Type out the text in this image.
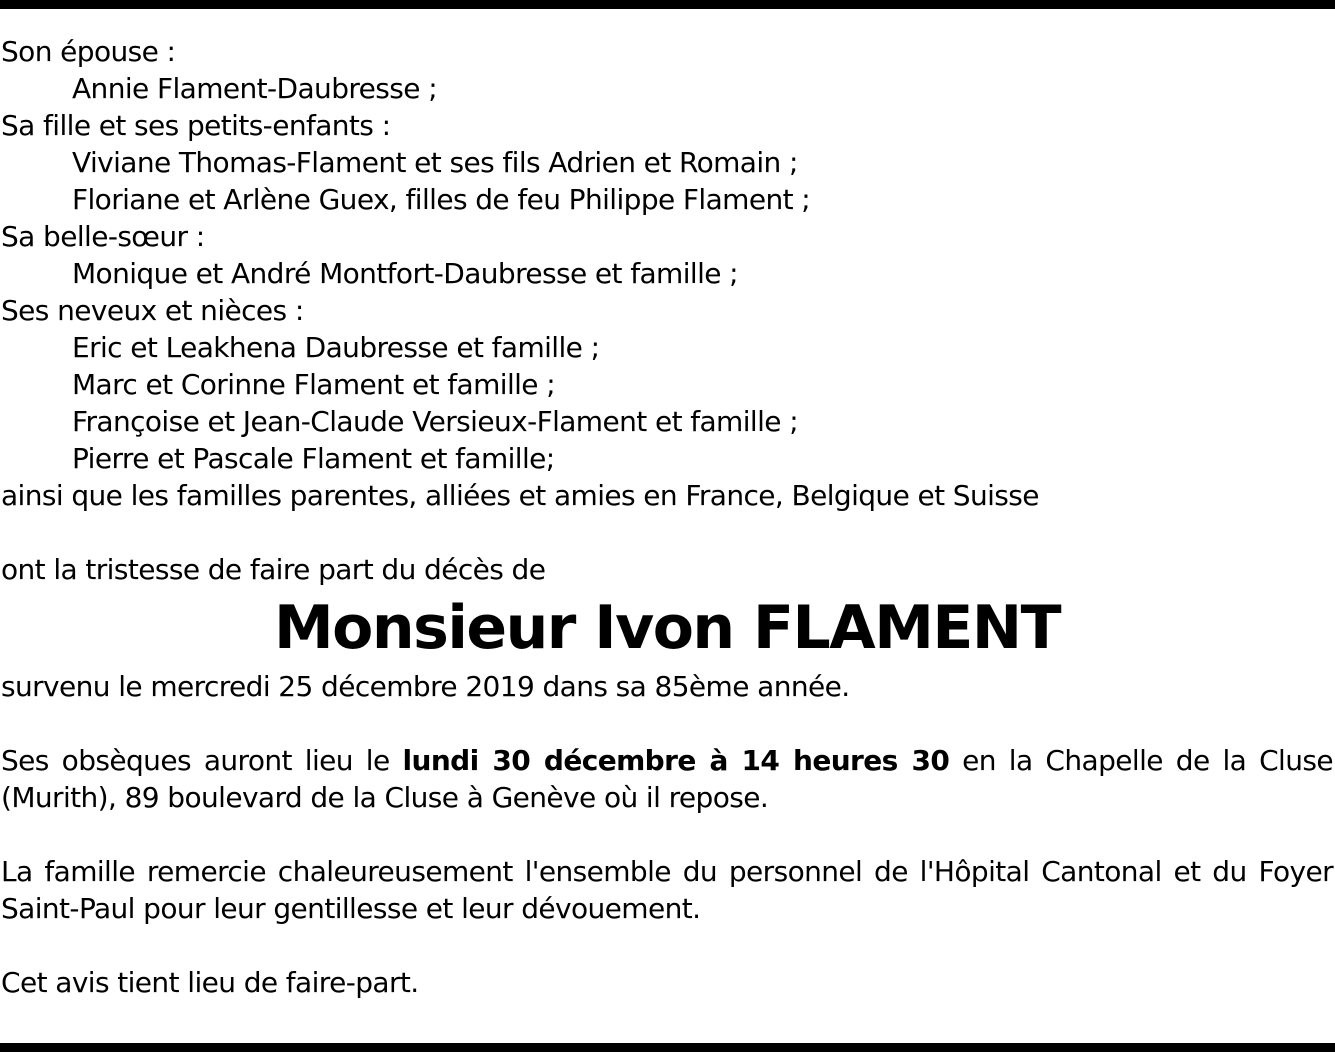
Son épouse :
Annie Flament-Daubresse ;
Sa fille et ses petits-enfants :
Viviane Thomas-Flament et ses fils Adrien et Romain ;
Floriane et Arlène Guex, filles de feu Philippe Flament ;
Sa belle-sœur :
Monique et André Montfort-Daubresse et famille ;
Ses neveux et nièces :
Eric et Leakhena Daubresse et famille ;
Marc et Corinne Flament et famille ;
Françoise et Jean-Claude Versieux-Flament et famille ;
Pierre et Pascale Flament et famille;
ainsi que les familles parentes, alliées et amies en France, Belgique et Suisse
ont la tristesse de faire part du décès de
Monsieur Ivon FLAMENT
survenu le mercredi 25 décembre 2019 dans sa 85ème année.
Ses obsèques auront lieu le lundi 30 décembre à 14 heures 30 en la Chapelle de la Cluse (Murith), 89 boulevard de la Cluse à Genève où il repose.
La famille remercie chaleureusement l'ensemble du personnel de l'Hôpital Cantonal et du Foyer Saint-Paul pour leur gentillesse et leur dévouement.
Cet avis tient lieu de faire-part.
